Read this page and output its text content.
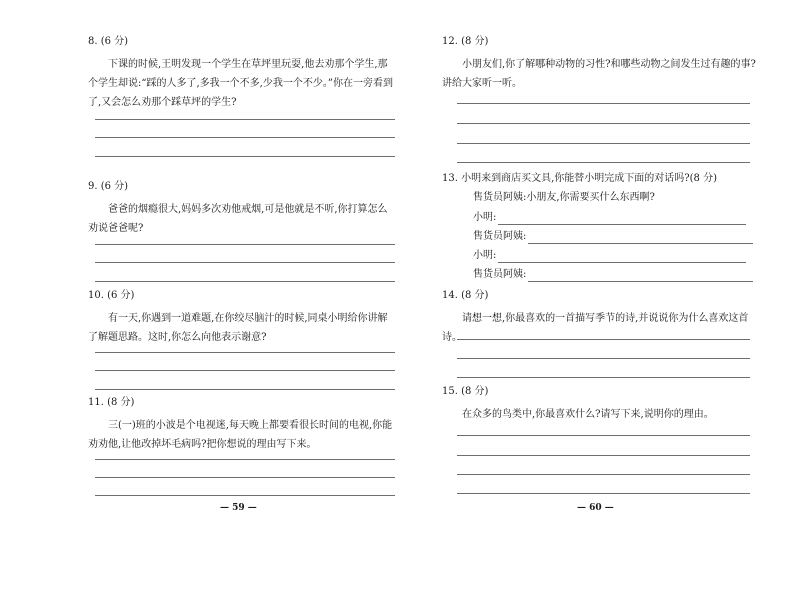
8. (6 分)
下课的时候,王明发现一个学生在草坪里玩耍,他去劝那个学生,那个学生却说:“踩的人多了,多我一个不多,少我一个不少。”你在一旁看到了,又会怎么劝那个踩草坪的学生?
9. (6 分)
爸爸的烟瘾很大,妈妈多次劝他戒烟,可是他就是不听,你打算怎么劝说爸爸呢?
10. (6 分)
有一天,你遇到一道难题,在你绞尽脑汁的时候,同桌小明给你讲解了解题思路。这时,你怎么向他表示谢意?
11. (8 分)
三(一)班的小波是个电视迷,每天晚上都要看很长时间的电视,你能劝劝他,让他改掉坏毛病吗?把你想说的理由写下来。
— 59 —
12. (8 分)
小朋友们,你了解哪种动物的习性?和哪些动物之间发生过有趣的事?讲给大家听一听。
13. 小明来到商店买文具,你能替小明完成下面的对话吗?(8 分)
售货员阿姨:小朋友,你需要买什么东西啊?
小明:
售货员阿姨:
小明:
售货员阿姨:
14. (8 分)
请想一想,你最喜欢的一首描写季节的诗,并说说你为什么喜欢这首诗。
15. (8 分)
在众多的鸟类中,你最喜欢什么?请写下来,说明你的理由。
— 60 —
